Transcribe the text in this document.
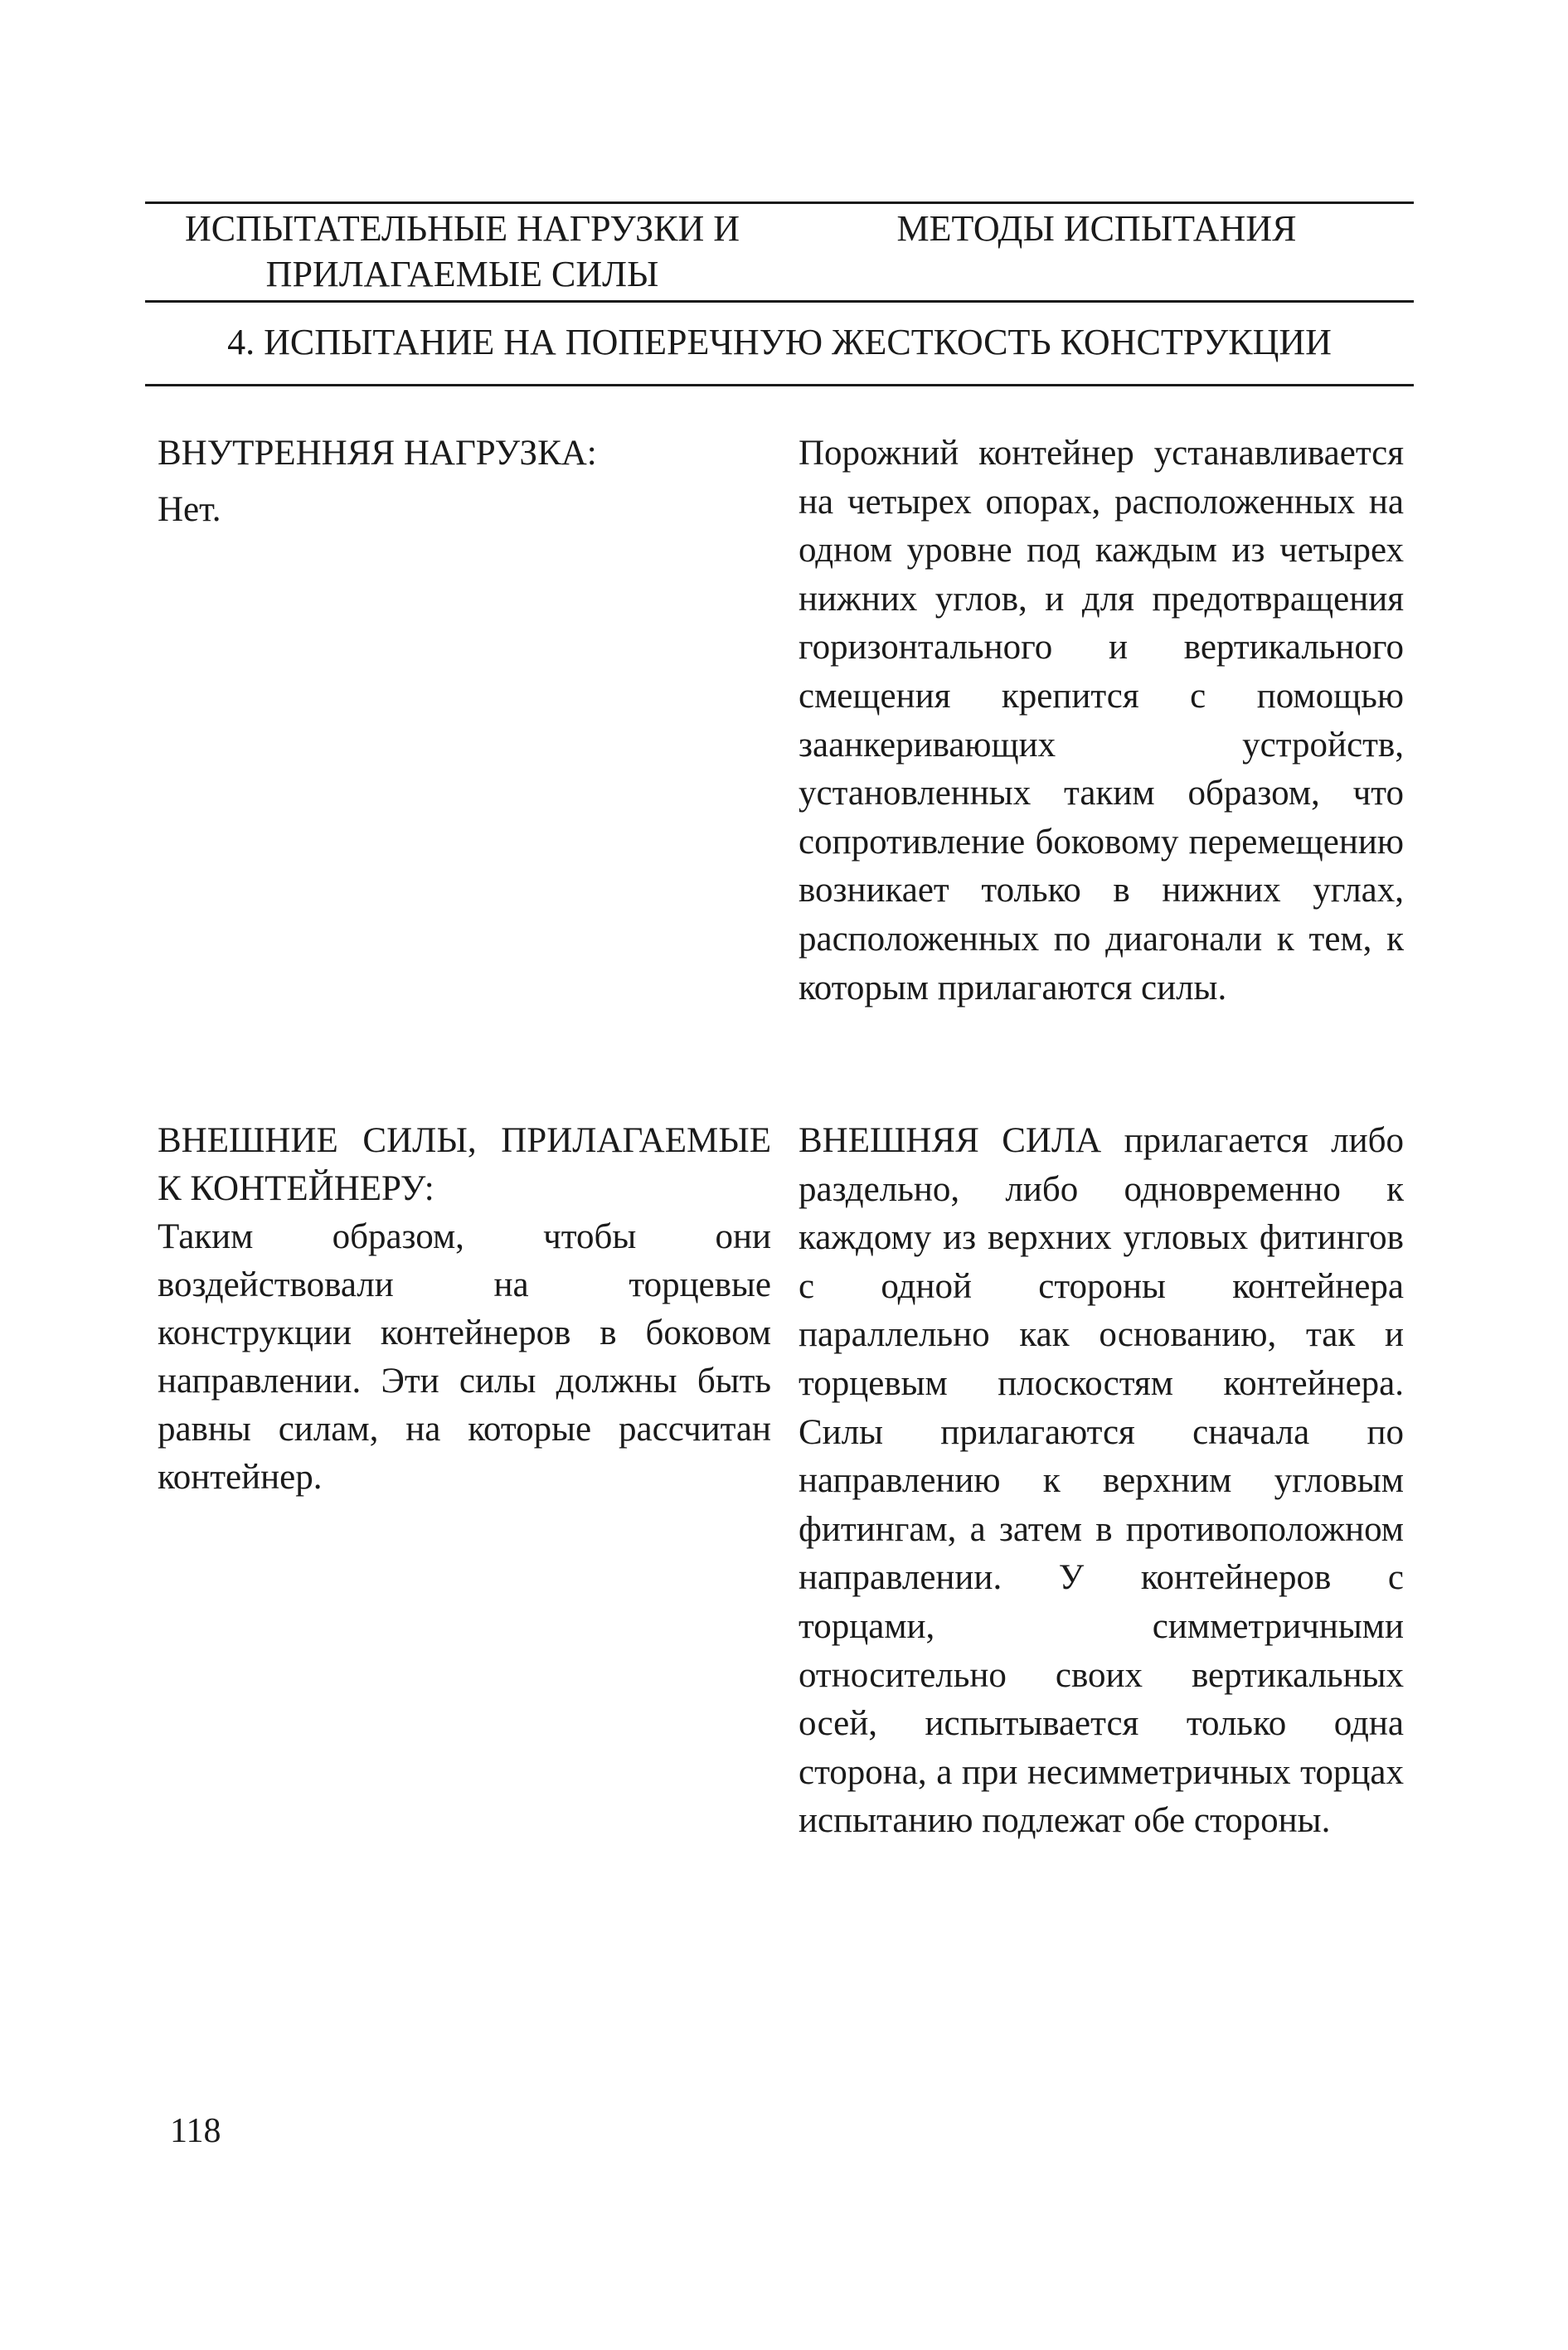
ИСПЫТАТЕЛЬНЫЕ НАГРУЗКИ И
ПРИЛАГАЕМЫЕ СИЛЫ
МЕТОДЫ ИСПЫТАНИЯ
4. ИСПЫТАНИЕ НА ПОПЕРЕЧНУЮ ЖЕСТКОСТЬ КОНСТРУКЦИИ
ВНУТРЕННЯЯ НАГРУЗКА:
Нет.
Порожний контейнер устанавливается на четырех опорах, расположенных на одном уровне под каждым из четырех нижних углов, и для предотвращения горизонтального и вертикального смещения крепится с помощью заанкеривающих устройств, установленных таким образом, что сопротивление боковому перемещению возникает только в нижних углах, расположенных по диагонали к тем, к которым прилагаются силы.
ВНЕШНИЕ СИЛЫ, ПРИЛАГАЕМЫЕ К КОНТЕЙНЕРУ:
Таким образом, чтобы они воздействовали на торцевые конструкции контейнеров в боковом направлении. Эти силы должны быть равны силам, на которые рассчитан контейнер.
ВНЕШНЯЯ СИЛА прилагается либо раздельно, либо одновременно к каждому из верхних угловых фитингов с одной стороны контейнера параллельно как основанию, так и торцевым плоскостям контейнера. Силы прилагаются сначала по направлению к верхним угловым фитингам, а затем в противоположном направлении. У контейнеров с торцами, симметричными относительно своих вертикальных осей, испытывается только одна сторона, а при несимметричных торцах испытанию подлежат обе стороны.
118
